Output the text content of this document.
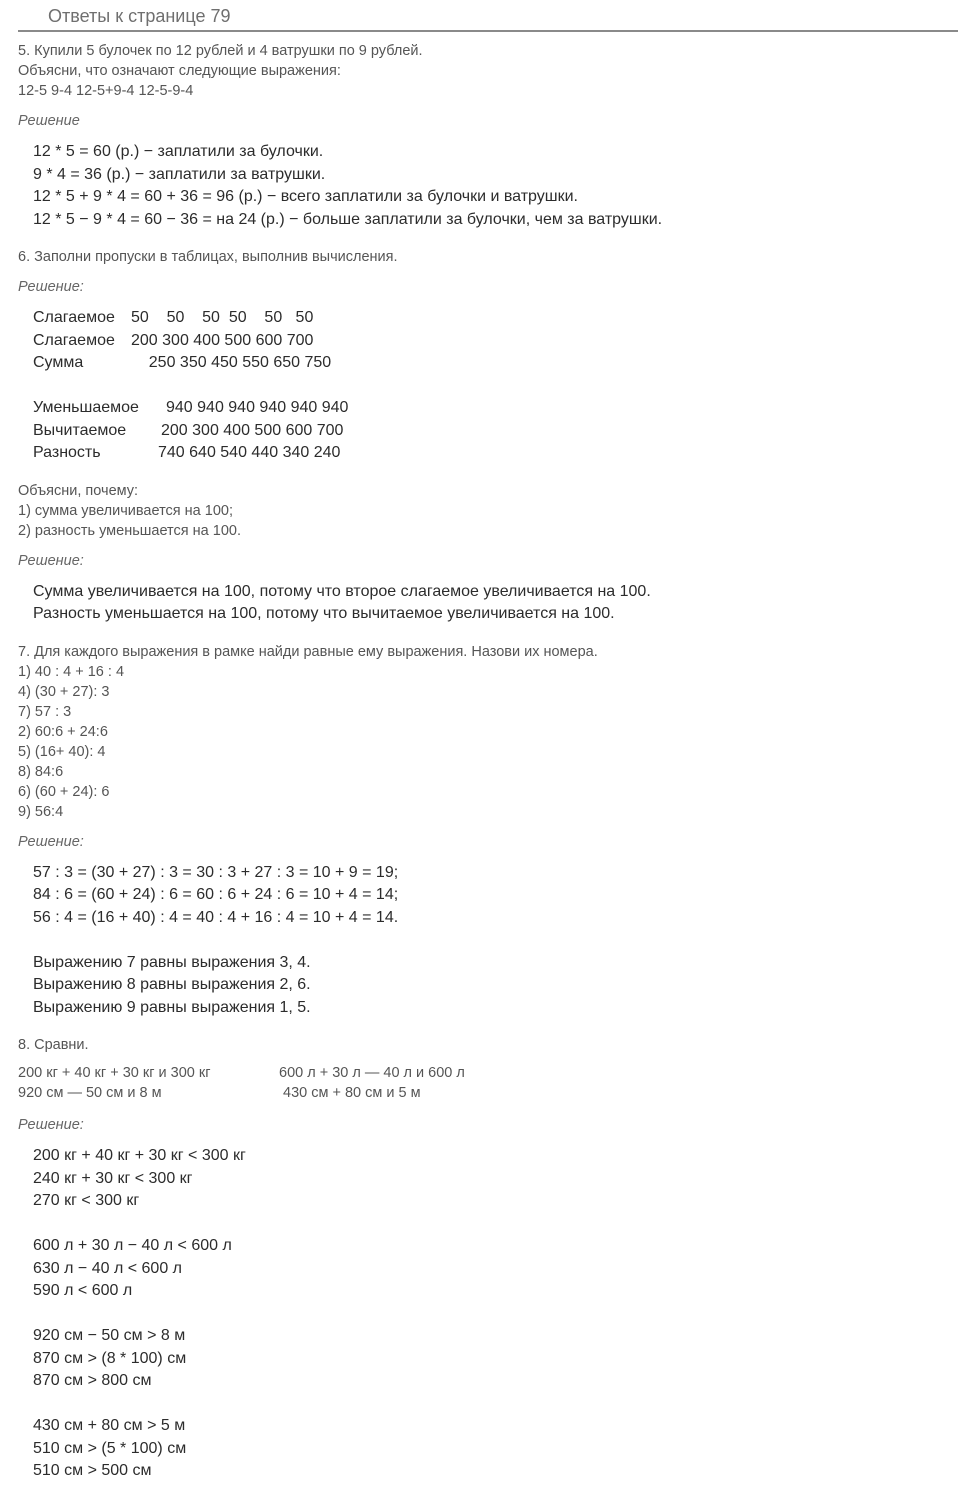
Ответы к странице 79
5. Купили 5 булочек по 12 рублей и 4 ватрушки по 9 рублей.
Объясни, что означают следующие выражения:
12-5 9-4 12-5+9-4 12-5-9-4
Решение
12 * 5 = 60 (р.) − заплатили за булочки.
9 * 4 = 36 (р.) − заплатили за ватрушки.
12 * 5 + 9 * 4 = 60 + 36 = 96 (р.) − всего заплатили за булочки и ватрушки.
12 * 5 − 9 * 4 = 60 − 36 = на 24 (р.) − больше заплатили за булочки, чем за ватрушки.
6. Заполни пропуски в таблицах, выполнив вычисления.
Решение:
Слагаемое	50    50    50  50    50   50
Слагаемое	200 300 400 500 600 700
Сумма	250 350 450 550 650 750
Уменьшаемое	940 940 940 940 940 940
Вычитаемое	200 300 400 500 600 700
Разность	740 640 540 440 340 240
Объясни, почему:
1) сумма увеличивается на 100;
2) разность уменьшается на 100.
Решение:
Сумма увеличивается на 100, потому что второе слагаемое увеличивается на 100.
Разность уменьшается на 100, потому что вычитаемое увеличивается на 100.
7. Для каждого выражения в рамке найди равные ему выражения. Назови их номера.
1) 40 : 4 + 16 : 4
4) (30 + 27): 3
7) 57 : 3
2) 60:6 + 24:6
5) (16+ 40): 4
8) 84:6
6) (60 + 24): 6
9) 56:4
Решение:
57 : 3 = (30 + 27) : 3 = 30 : 3 + 27 : 3 = 10 + 9 = 19;
84 : 6 = (60 + 24) : 6 = 60 : 6 + 24 : 6 = 10 + 4 = 14;
56 : 4 = (16 + 40) : 4 = 40 : 4 + 16 : 4 = 10 + 4 = 14.
Выражению 7 равны выражения 3, 4.
Выражению 8 равны выражения 2, 6.
Выражению 9 равны выражения 1, 5.
8. Сравни.
200 кг + 40 кг + 30 кг и 300 кг	600 л + 30 л — 40 л и 600 л
920 см — 50 см и 8 м	430 см + 80 см и 5 м
Решение:
200 кг + 40 кг + 30 кг < 300 кг
240 кг + 30 кг < 300 кг
270 кг < 300 кг
600 л + 30 л − 40 л < 600 л
630 л − 40 л < 600 л
590 л < 600 л
920 см − 50 см > 8 м
870 см > (8 * 100) см
870 см > 800 см
430 см + 80 см > 5 м
510 см > (5 * 100) см
510 см > 500 см
